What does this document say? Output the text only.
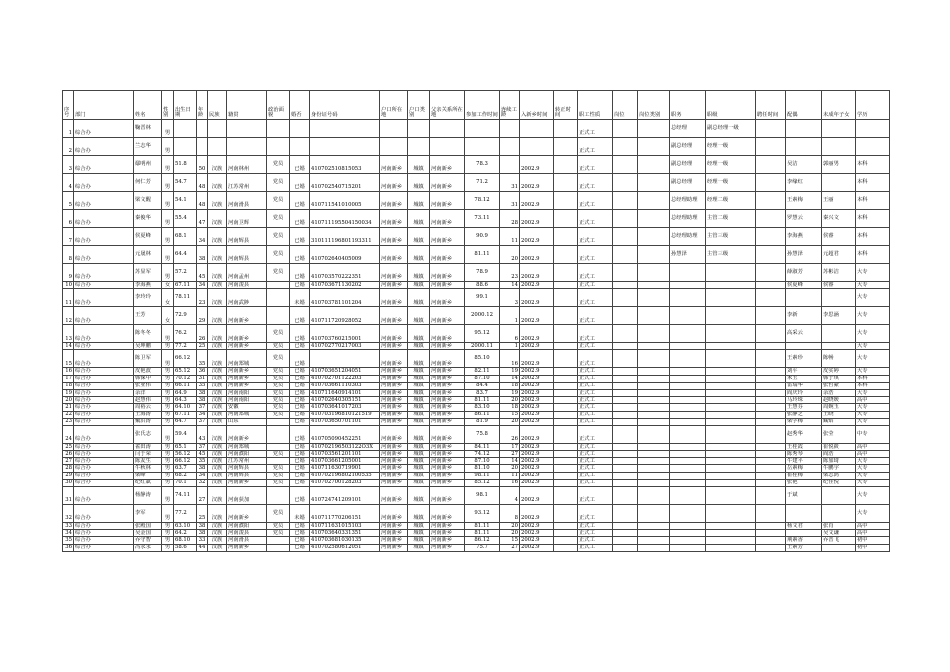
序号	部门	姓名	性别	出生日期	年龄	民族	籍贯	政治面貌	婚否	身份证号码	户口所在地	户口类别	父亲关系所在地	参加工作时间	连续工龄	入新乡时间	转正时间	职工性质	岗位	岗位类别	职务	职级	聘任时间	配偶	未成年子女	学历
1	综合办	鞠晋林	男															正式工			总经理	副总经理一级				
2	综合办	兰志华	男															正式工			副总经理	经理一级				
3	综合办	鄢明州	男	51.8	50	汉族	河南林州	党员	已婚	410702510815053	河南新乡	城镇	河南新乡	78.3		2002.9		正式工			副总经理	经理一级		吴洁	郭丽男	本科
4	综合办	何仁芳	男	54.7	48	汉族	江苏常州	党员	已婚	410702540715201	河南新乡	城镇	河南新乡	71.2	31	2002.9		正式工			副总经理	经理一级		李缘红		本科
5	综合办	梁文醒	男	54.1	48	汉族	河南滑县	党员	已婚	410711541010005	河南新乡	城镇	河南新乡	78.12	31	2002.9		正式工			总经理助理	经理二级		王素梅	王丽	本科
6	综合办	秦俊华	男	55.4	47	汉族	河南卫辉	党员	已婚	410711195504150034	河南新乡	城镇	河南新乡	73.11	28	2002.9		正式工			总经理助理	主管二级		罗慧云	秦兴文	本科
7	综合办	侯夏峰	男	68.1	34	汉族	河南辉县	党员	已婚	310111196801193311	河南新乡	城镇	河南新乡	90.9	11	2002.9		正式工			总经理助理	主管三级		李海燕	侯睿	本科
8	综合办	元晟林	男	64.4	38	汉族	河南辉县	党员	已婚	410702640405009	河南新乡	城镇	河南新乡	81.11	20	2002.9		正式工			孙慧泽	主管三级		孙慧泽	元超君	本科
9	综合办	苏显军	男	57.2	45	汉族	河南孟州	党员	已婚	410703570222351	河南新乡	城镇	河南新乡	78.9	23	2002.9		正式工						薛淑芳	苏彬洁	大专
10	综合办	李海燕	女	67.11	34	汉族	河南浚县		已婚	410703671130202	河南新乡	城镇	河南新乡	88.6	14	2002.9		正式工						侯夏峰	侯睿	大专
11	综合办	李玲玲	女	78.11	23	汉族	河南武陟		未婚	410703781101204	河南新乡	城镇	河南新乡	99.1	3	2002.9		正式工								大专
12	综合办	王芳	女	72.9	29	汉族	河南新乡		已婚	410711720928052	河南新乡	城镇	河南新乡	2000.12	1	2002.9		正式工						李新	李思涵	大专
13	综合办	陈冬冬	男	76.2	26	汉族	河南新乡	党员	已婚	410703760215001	河南新乡	城镇	河南新乡	95.12	6	2002.9		正式工						高采云		大专
14	综合办	吴坤鹏	男	77.2	25	汉族	河南新乡	党员	已婚	410702770217003	河南新乡	城镇	河南新乡	2000.11	1	2002.9		正式工								大专
15	综合办	陈卫军	男	66.12	35	汉族	河南郑城	党员	已婚		河南新乡	城镇	河南新乡	85.10	16	2002.9		正式工						王素珍	陈畅	大专
16	综合办	皮艳波	男	65.12	36	汉族	河南新乡	党员	已婚	410703651204051	河南新乡	城镇	河南新乡	82.11	19	2002.9		正式工						刘平	皮实婷	大专
17	综合办	韩保中	男	70.12	31	汉族	河南新乡	党员	已婚	410702701122203	河南新乡	城镇	河南新乡	87.10	14	2002.9		正式工						米玉	韩子琪	本科
18	综合办	张亚伟	男	66.11	35	汉族	河南新乡	党员	已婚	410703661110303	河南新乡	城镇	河南新乡	84.4	18	2002.9		正式工						雷瑞华	张哲豪	本科
19	综合办	余洋	男	64.9	38	汉族	河南南阳	党员	已婚	410711640914101	河南新乡	城镇	河南新乡	83.7	19	2002.9		正式工						阎庆玲	余浩	大专
20	综合办	赵慧伟	男	64.3	38	汉族	河南南阳	党员	已婚	410702640305151	河南新乡	城镇	河南新乡	81.11	20	2002.9		正式工						马玲珠	赵晓媛	高中
21	综合办	周裕云	男	64.10	37	汉族	安徽	党员	已婚	410703641017203	河南新乡	城镇	河南新乡	83.10	18	2002.9		正式工						王慧芬	周婉玉	大专
22	综合办	王海涛	男	67.11	34	汉族	河南郑城	党员	已婚	410703196810121519	河南新乡	城镇	河南新乡	86.11	15	2002.9		正式工						张静芝	王晓	大专
23	综合办	戴洪涛	男	64.7	37	汉族	山东		已婚	410703650701101	河南新乡	城镇	河南新乡	81.9	20	2002.9		正式工						梁学梅	藏焰	大专
24	综合办	张氏志	男	59.4	43	汉族	河南新乡		已婚	410705090452251	河南新乡	城镇	河南新乡	75.8	26	2002.9		正式工						赵秀华	张莹	中专
25	综合办	雀田涛	男	65.1	37	汉族	河南郑城		已婚	410702196503122O3X	河南新乡	城镇	河南新乡	84.11	17	2002.9		正式工						王桂霞	崔悦筱	高中
26	综合办	闫于荣	男	56.12	45	汉族	河南濮阳	党员	已婚	410703561201101	河南新乡	城镇	河南新乡	74.12	27	2002.9		正式工						陈秀琴	阎浩	高中
27	综合办	陈友生	男	66.12	35	汉族	江苏常州		已婚	410703661205001	河南新乡	城镇	河南新乡	87.10	14	2002.9		正式工						牛建平	陈加琦	大专
28	综合办	牛秋林	男	63.7	38	汉族	河南辉县	党员	已婚	410711630719901	河南新乡	城镇	河南新乡	81.10	20	2002.9		正式工						岳素梅	牛鹏宇	大专
29	综合办	梁峰	男	68.2	34	汉族	河南辉县	党员	已婚	410702196802100535	河南新乡	城镇	河南新乡	98.11	11	2002.9		正式工						崔桂梅	梁志鸿	大专
30	综合办	纪红斌	男	70.1	32	汉族	河南新乡	党员	已婚	410702700128203	河南新乡	城镇	河南新乡	85.12	16	2002.9		正式工						张艳	纪佳悦	大专
31	综合办	杨静涛	男	74.11	27	汉族	河南获加		已婚	410724741209101	河南新乡	城镇	河南新乡	98.1	4	2002.9		正式工						于斌		大专
32	综合办	李军	男	77.2	25	汉族	河南新乡	党员	未婚	410711770206151	河南新乡	城镇	河南新乡	93.12	8	2002.9		正式工								大专
33	综合办	张殿国	男	63.10	38	汉族	河南濮阳	党员	已婚	410711631015103	河南新乡	城镇	河南新乡	81.11	20	2002.9		正式工						杨文君	张肖	高中
34	综合办	吴金国	男	64.2	38	汉族	河南浚县	党员	已婚	410703640331351	河南新乡	城镇	河南新乡	81.11	20	2002.9		正式工							吴文谦	高中
35	综合办	乔守智	男	68.10	33	汉族	河南滑县		已婚	410703681030135	河南新乡	城镇	河南新乡	86.12	15	2002.9		正式工						荆素香	乔晋飞	初中
36	综合办	冯永永	男	58.6	44	汉族	河南新乡		已婚	410702580612051	河南新乡	城镇	河南新乡	75.7	27	2002.9		正式工						王素芳		初中
